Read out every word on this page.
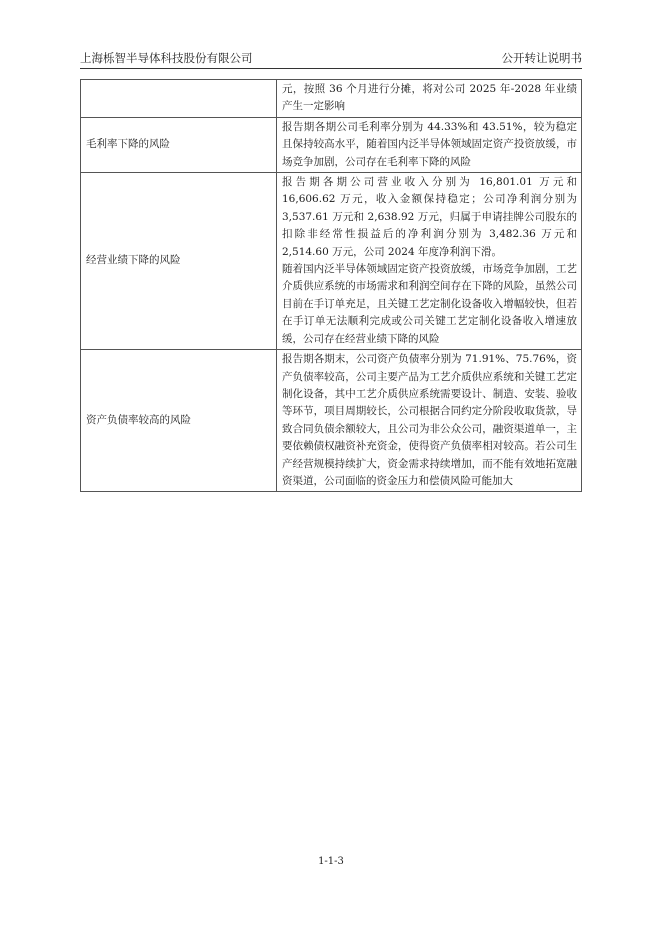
上海栎智半导体科技股份有限公司	公开转让说明书

	元，按照 36 个月进行分摊，将对公司 2025 年-2028 年业绩产生一定影响

毛利率下降的风险	报告期各期公司毛利率分别为 44.33%和 43.51%，较为稳定且保持较高水平，随着国内泛半导体领域固定资产投资放缓，市场竞争加剧，公司存在毛利率下降的风险

经营业绩下降的风险	报告期各期公司营业收入分别为 16,801.01 万元和 16,606.62 万元，收入金额保持稳定；公司净利润分别为 3,537.61 万元和 2,638.92 万元，归属于申请挂牌公司股东的扣除非经常性损益后的净利润分别为 3,482.36 万元和 2,514.60 万元，公司 2024 年度净利润下滑。

随着国内泛半导体领域固定资产投资放缓，市场竞争加剧，工艺介质供应系统的市场需求和利润空间存在下降的风险，虽然公司目前在手订单充足，且关键工艺定制化设备收入增幅较快，但若在手订单无法顺利完成或公司关键工艺定制化设备收入增速放缓，公司存在经营业绩下降的风险

资产负债率较高的风险	报告期各期末，公司资产负债率分别为 71.91%、75.76%，资产负债率较高，公司主要产品为工艺介质供应系统和关键工艺定制化设备，其中工艺介质供应系统需要设计、制造、安装、验收等环节，项目周期较长，公司根据合同约定分阶段收取货款，导致合同负债余额较大，且公司为非公众公司，融资渠道单一，主要依赖债权融资补充资金，使得资产负债率相对较高。若公司生产经营规模持续扩大，资金需求持续增加，而不能有效地拓宽融资渠道，公司面临的资金压力和偿债风险可能加大

1-1-3
